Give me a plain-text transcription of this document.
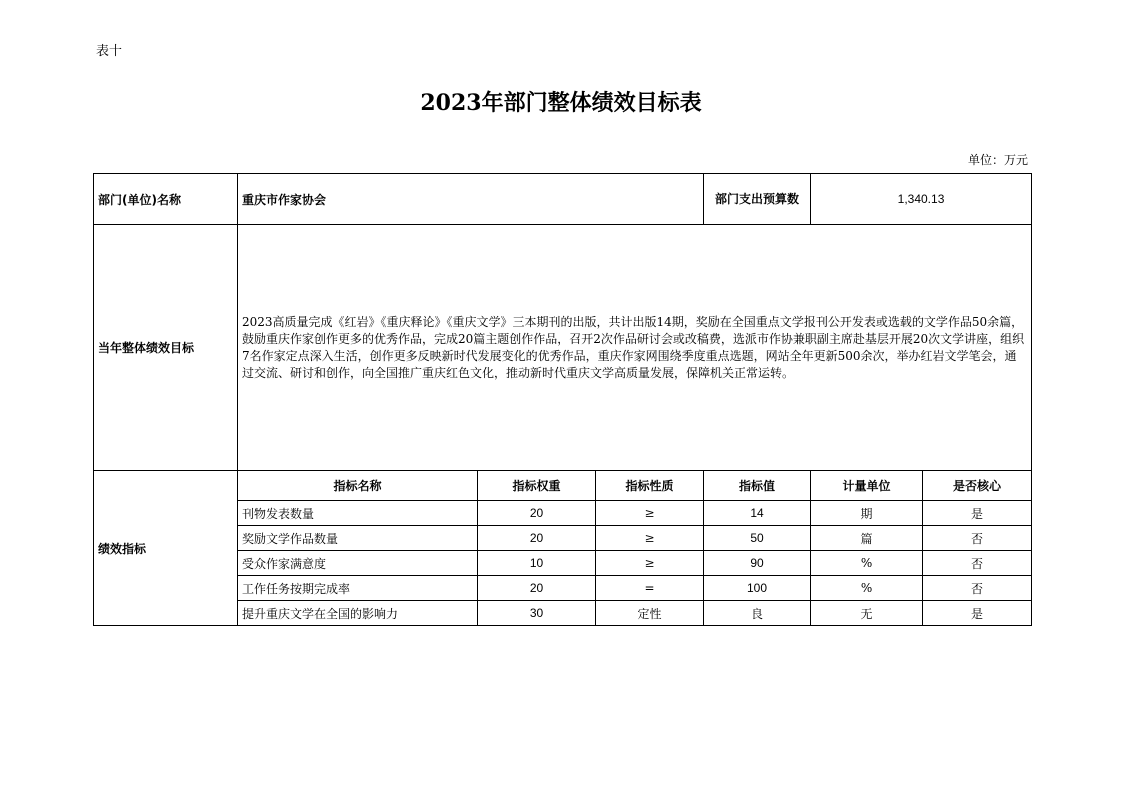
表十
2023年部门整体绩效目标表
单位：万元
部门(单位)名称	重庆市作家协会			部门支出预算数	1,340.13	
当年整体绩效目标	2023高质量完成《红岩》《重庆释论》《重庆文学》三本期刊的出版，共计出版14期，奖励在全国重点文学报刊公开发表或选载的文学作品50余篇，鼓励重庆作家创作更多的优秀作品，完成20篇主题创作作品，召开2次作品研讨会或改稿费，选派市作协兼职副主席赴基层开展20次文学讲座，组织7名作家定点深入生活，创作更多反映新时代发展变化的优秀作品，重庆作家网围绕季度重点选题，网站全年更新500余次，举办红岩文学笔会，通过交流、研讨和创作，向全国推广重庆红色文化，推动新时代重庆文学高质量发展，保障机关正常运转。					
绩效指标	指标名称	指标权重	指标性质	指标值	计量单位	是否核心
	刊物发表数量	20	≥	14	期	是
	奖励文学作品数量	20	≥	50	篇	否
	受众作家满意度	10	≥	90	%	否
	工作任务按期完成率	20	=	100	%	否
	提升重庆文学在全国的影响力	30	定性	良	无	是
